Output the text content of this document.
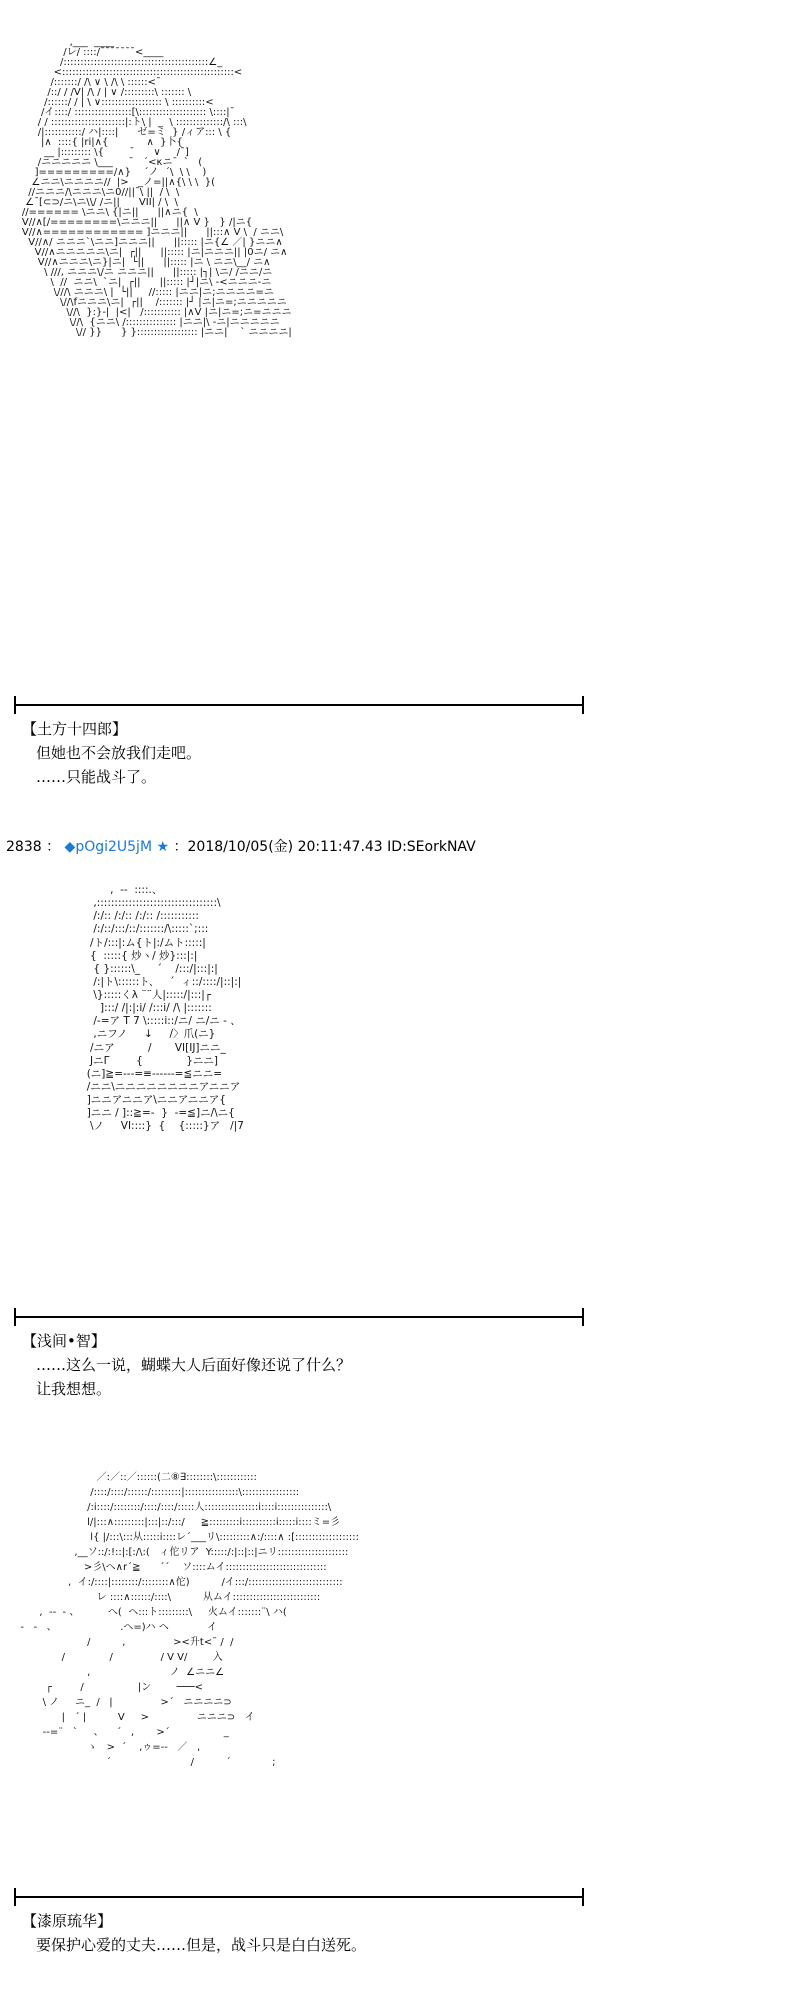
,___  ____
/レ/ ::::/¯¯¯¯¯¯¯<____
/:::::::::::::::::::::::::::::::::::::::::::∠_
<:::::::::::::::::::::::::::::::::::::::::::::::::::<
/:::::::/ /\ ∨ \ /\ \ ::::::<¯
/::/ / /V| /\ / | ∨ /:::::::::\ ::::::: \
/::::::/ / | \ ∨:::::::::::::::::: \ ::::::::::<
/イ::::/ :::::::::::::::::[\:::::::::::::::::::: \::::|¯
/ / ::::::::::::::::::::::|:ト\ |  _  \ ::::::::::::::/\ :::\
/|:::::::::::/ ハ|::::|      ゼ=ミ  } /ィア::: \ {
|∧  ::::{ |ri|∧{            ∧  }卜{
__ |::::::::: \{        ¯      ∨     /¯]
/ニニニニニ \___     ¯   ´<κニ¯  `   (
]=========/∧}    ´ノ  ´\  \ \    )
∠ニニ\ニニニニ//  |>   _ノ=||∧{\ \ \  }(
//ニニニ/\ニニニ\ニ0//||¯\ ||  / \  \
∠¯[⊂⊃/ニ\ニ\\/ /ニ||      VII| / \  \
//====== \ニニ\ {|ニ||      ||∧ニ{  \
V//∧[/========\ニニニ||      ||∧ V }   } /|ニ{
V//∧============ ]ニニニ||      ||:::∧ V \  / ニニ\
V//∧/ ニニニ`\ニニ]ニニニ||      ||::::: |ニ{∠ ／| }ニニ∧
V//∧ニニニニニ\ニ|  ┌||      ||::::: |ニ|ニニニ|| |0ニ/ ニ∧
V//∧ニニニ\ニ}|ニ|  └||      ||::::: |ニ \ ニニ\__/ ニ∧
\ ///, ニニニ\/ニ ニニニ||      ||::::: |┐| \ニ/ /ニニ/ニ
\  //  ニニ\  `ニ|  ┌||      ||::::: |┘|ニ\ -<ニニニ-ニ
\///\ ニニニ\ |  └||     //::::: |ニニ|ニ;ニニニニ=ニ
\//\fニニニ\ニ|  ┌||    /::::::: |┘ |ニ|ニ=;ニニニニニ
\//\  }:}-|  |<|   /::::::::::: |∧V |ニ|ニ=;ニ=ニニニ
\//\  {ニニ\ /::::::::::::::: |ニニ|\ -ニ|ニニニニニ
\// }}      } }:::::::::::::::::: |ニニ|    ` ニニニニ|
【土方十四郎】
但她也不会放我们走吧。
……只能战斗了。
2838 ： ◆pOgi2U5jM ★ ：2018/10/05(金) 20:11:47.43 ID:SEorkNAV
,  --  ::::.、
,::::::::::::::::::::::::::::::::::\
/:/:: /:/:: /:/:: /:::::::::::
/:/::/:::/::/:::::::/\:::::`;:::
/ト/:::|:ム{ト|:/ムト:::::|
{  :::::{ 炒ヽ/ 炒}:::|:|
{ }::::::\_     ´    /:::/|:::|:|
/:|ト\::::::ト、   ´  ィ::/::::/|::|:|
\}:::::くλ ¨¨人|:::::/|:::|┌
]:::/ /|:|:i/ /:::i/ /\ |:::::::
/-=ア T 7 \:::::i::/ニ/ ニ/ニ - 、
,ニフノ     ↓     /〉爪(ニ}
/ニア          /       VI[IJ]ニニ_
JニΓ        {             }ニニ]
(ニ]≧=---=≡------=≦ニニ=
/ニニ\ニニニニニニニニアニニア
]ニニアニニア\ニニアニニア{
]ニニ / ]::≧=-  }  -=≦]ニ/\ニ{
\ノ     VI::::}  {    {:::::}ア   /|7
【浅间•智】
……这么一说，蝴蝶大人后面好像还说了什么？
让我想想。
／:／::／::::::(二⑧∃::::::::\::::::::::::
/::::/::::/::::::/:::::::::|::::::::::::::::\:::::::::::::::::
/:i::::/::::::::/::::/::::/:::::人::::::::::::::::i::::i:::::::::::::::\
l/|:::∧:::::::::|:::|::/:::/     ≧:::::::::i::::::::::i:::::i::::ミ=彡
l{ |/:::\:::从:::::i::::レ´___リ\:::::::::∧:/::::∧ :[:::::::::::::::::::
,__ソ::/:!::|:[:/\:(   ィ佗リア  Y:::::/:|::|::|ニリ:::::::::::::::::::::
>彡\へ∧r´≧      ´´    ソ::::ムイ::::::::::::::::::::::::::::::
,  イ:/::::|::::::::/::::::::∧佗)          /イ:::/::::::::::::::::::::::::::::
レ ::::∧::::::/::::\          从ムイ::::::::::::::::::::::::::
,  --  - 、         へ(  ヘ:::ト:::::::::\     火ムイ:::::::¨\ ハ(
-   -   、                    .へ=)ハ ヘ            イ
/          ,               ><升t<¯ /  /
/              /               / V V/        入
,                         ノ  ∠ニニ∠
┌         /                 |ン        ───<
\ ノ     ニ_  /   |               >´   ニニニニ⊃
|   ´ |          V     >               ニニニ⊃   イ
--=¨   `     、    ´   ,       >´                 _
ゝ   >  ´    ,ゥ=--   ／   ,
´                         /          ´             ;
【漆原琉华】
要保护心爱的丈夫……但是，战斗只是白白送死。
